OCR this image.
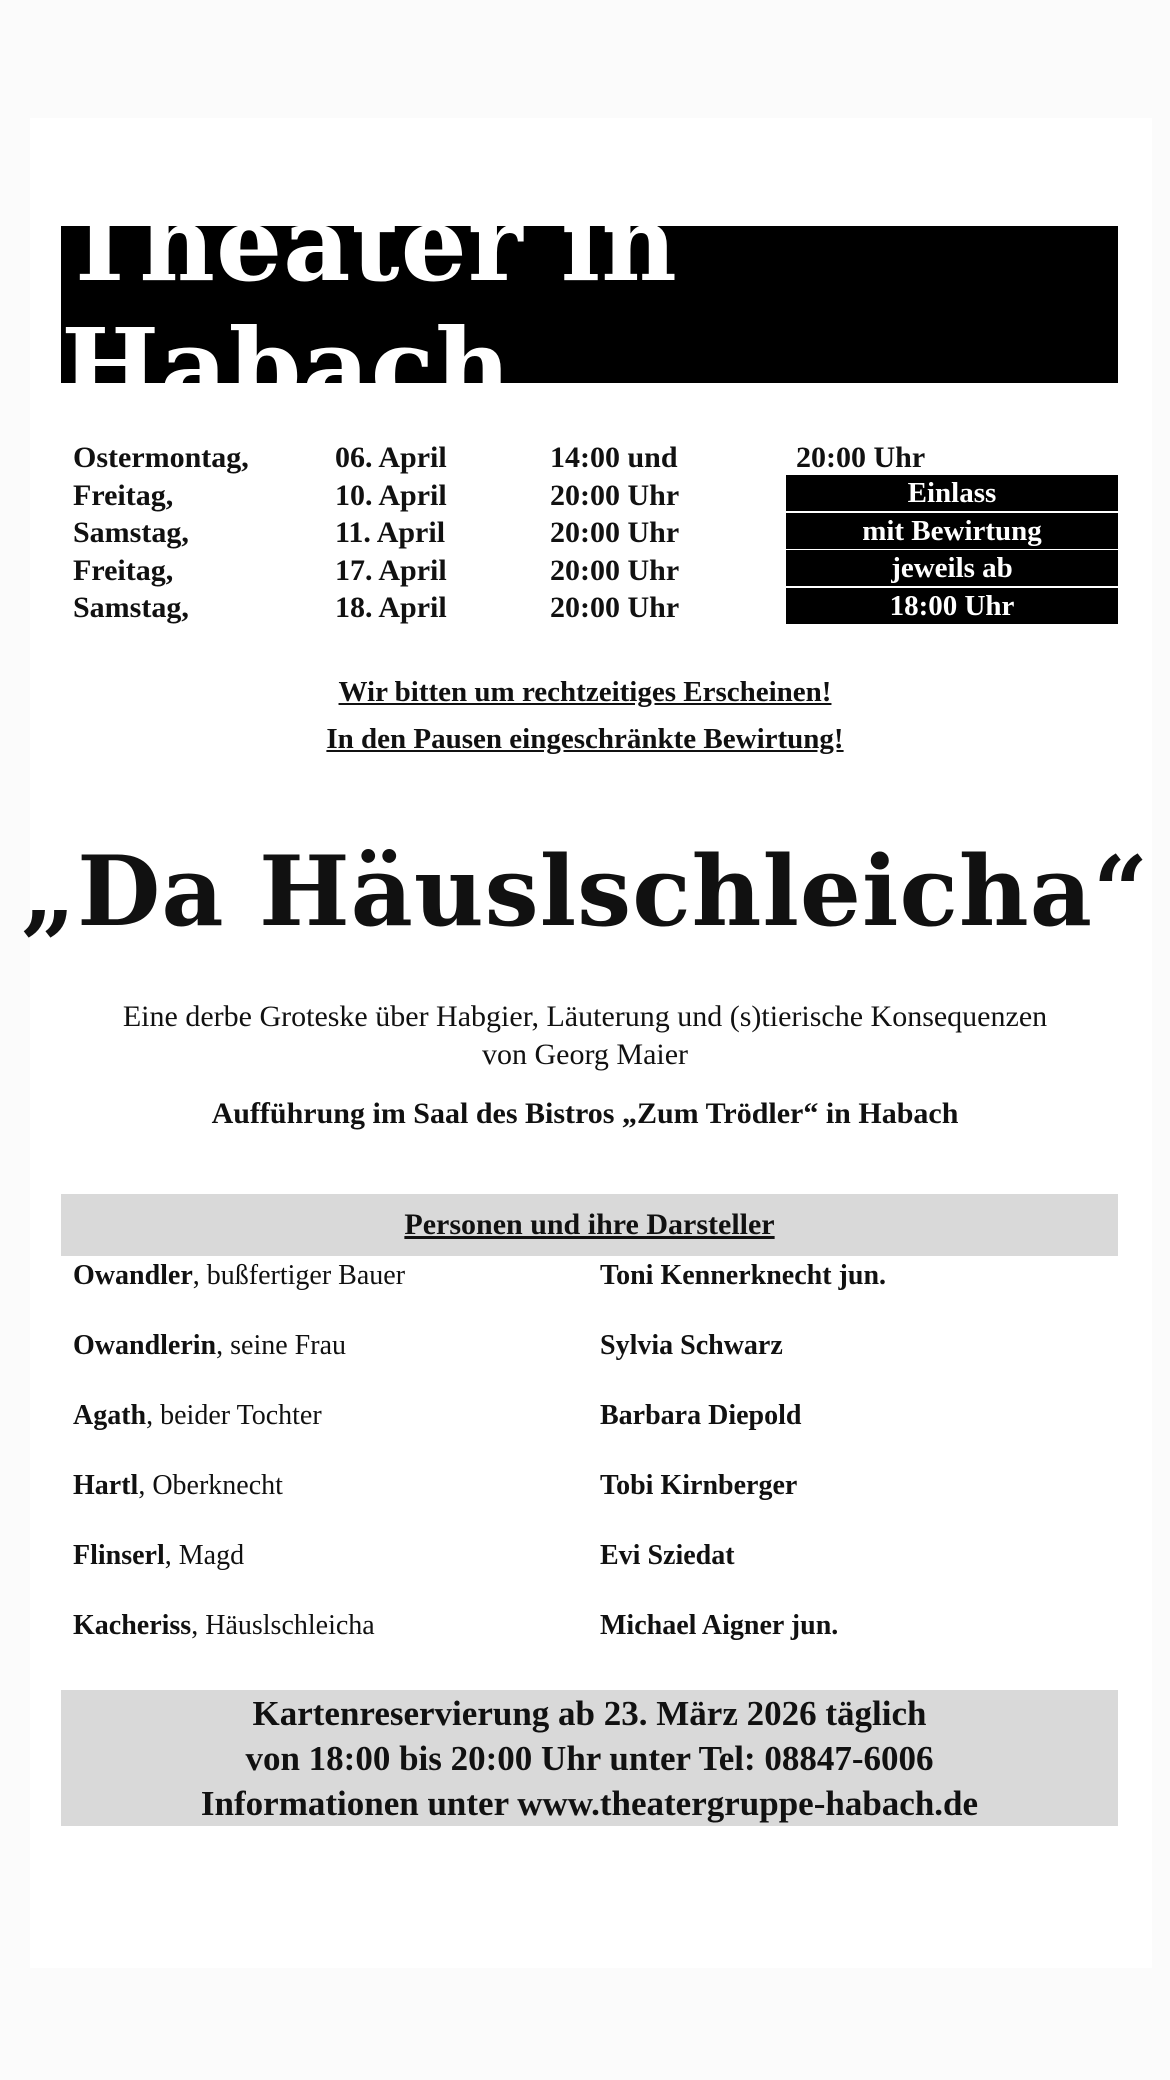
Theater in Habach
Ostermontag,	06. April	14:00 und	20:00 Uhr
Freitag,	10. April	20:00 Uhr
Samstag,	11. April	20:00 Uhr
Freitag,	17. April	20:00 Uhr
Samstag,	18. April	20:00 Uhr
Einlass
mit Bewirtung
jeweils ab
18:00 Uhr
Wir bitten um rechtzeitiges Erscheinen!
In den Pausen eingeschränkte Bewirtung!
„Da Häuslschleicha“
Eine derbe Groteske über Habgier, Läuterung und (s)tierische Konsequenzen
von Georg Maier
Aufführung im Saal des Bistros „Zum Trödler“ in Habach
Personen und ihre Darsteller
Owandler, bußfertiger Bauer	Toni Kennerknecht jun.
Owandlerin, seine Frau	Sylvia Schwarz
Agath, beider Tochter	Barbara Diepold
Hartl, Oberknecht	Tobi Kirnberger
Flinserl, Magd	Evi Sziedat
Kacheriss, Häuslschleicha	Michael Aigner jun.
Kartenreservierung ab 23. März 2026 täglich
von 18:00 bis 20:00 Uhr unter Tel: 08847-6006
Informationen unter www.theatergruppe-habach.de
